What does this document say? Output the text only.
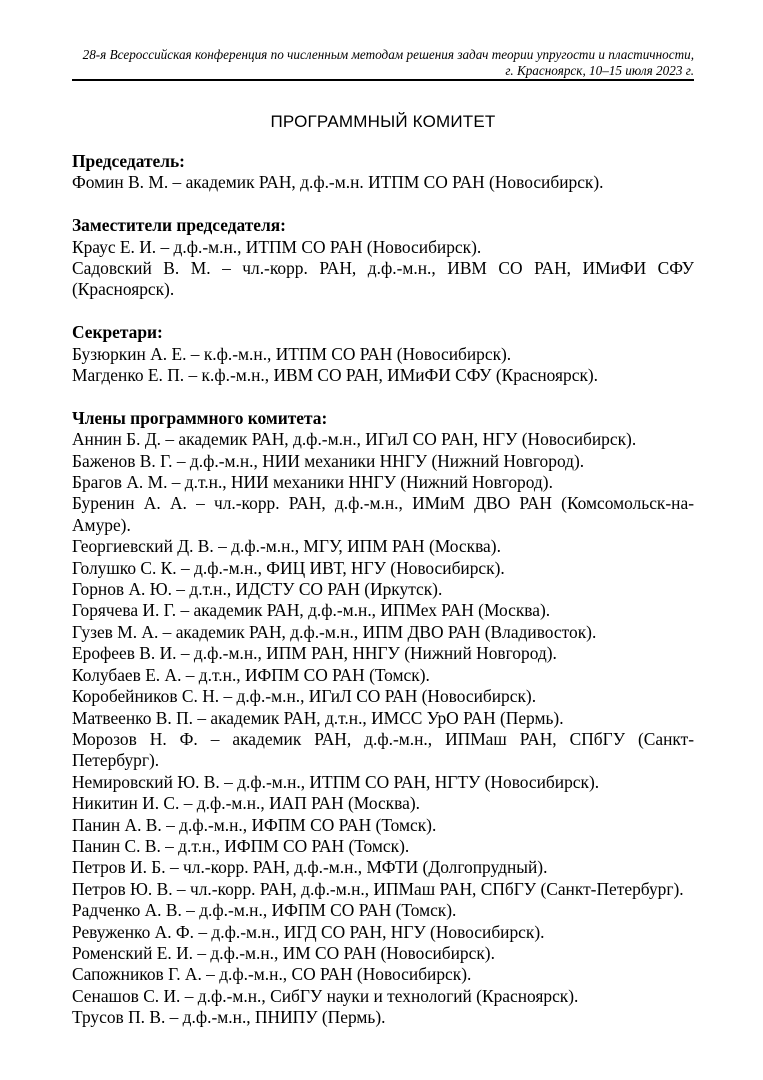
28-я Всероссийская конференция по численным методам решения задач теории упругости и пластичности,
г. Красноярск, 10–15 июля 2023 г.
ПРОГРАММНЫЙ КОМИТЕТ
Председатель:
Фомин В. М. – академик РАН, д.ф.-м.н. ИТПМ СО РАН (Новосибирск).
Заместители председателя:
Краус Е. И. – д.ф.-м.н., ИТПМ СО РАН (Новосибирск).
Садовский В. М. – чл.-корр. РАН, д.ф.-м.н., ИВМ СО РАН, ИМиФИ СФУ (Красноярск).
Секретари:
Бузюркин А. Е. – к.ф.-м.н., ИТПМ СО РАН (Новосибирск).
Магденко Е. П. – к.ф.-м.н., ИВМ СО РАН, ИМиФИ СФУ (Красноярск).
Члены программного комитета:
Аннин Б. Д. – академик РАН, д.ф.-м.н., ИГиЛ СО РАН, НГУ (Новосибирск).
Баженов В. Г. – д.ф.-м.н., НИИ механики ННГУ (Нижний Новгород).
Брагов А. М. – д.т.н., НИИ механики ННГУ (Нижний Новгород).
Буренин А. А. – чл.-корр. РАН, д.ф.-м.н., ИМиМ ДВО РАН (Комсомольск-на-Амуре).
Георгиевский Д. В. – д.ф.-м.н., МГУ, ИПМ РАН (Москва).
Голушко С. К. – д.ф.-м.н., ФИЦ ИВТ, НГУ (Новосибирск).
Горнов А. Ю. – д.т.н., ИДСТУ СО РАН (Иркутск).
Горячева И. Г. – академик РАН, д.ф.-м.н., ИПМех РАН (Москва).
Гузев М. А. – академик РАН, д.ф.-м.н., ИПМ ДВО РАН (Владивосток).
Ерофеев В. И. – д.ф.-м.н., ИПМ РАН, ННГУ (Нижний Новгород).
Колубаев Е. А. – д.т.н., ИФПМ СО РАН (Томск).
Коробейников С. Н. – д.ф.-м.н., ИГиЛ СО РАН (Новосибирск).
Матвеенко В. П. – академик РАН, д.т.н., ИМСС УрО РАН (Пермь).
Морозов Н. Ф. – академик РАН, д.ф.-м.н., ИПМаш РАН, СПбГУ (Санкт-Петербург).
Немировский Ю. В. – д.ф.-м.н., ИТПМ СО РАН, НГТУ (Новосибирск).
Никитин И. С. – д.ф.-м.н., ИАП РАН (Москва).
Панин А. В. – д.ф.-м.н., ИФПМ СО РАН (Томск).
Панин С. В. – д.т.н., ИФПМ СО РАН (Томск).
Петров И. Б. – чл.-корр. РАН, д.ф.-м.н., МФТИ (Долгопрудный).
Петров Ю. В. – чл.-корр. РАН, д.ф.-м.н., ИПМаш РАН, СПбГУ (Санкт-Петербург).
Радченко А. В. – д.ф.-м.н., ИФПМ СО РАН (Томск).
Ревуженко А. Ф. – д.ф.-м.н., ИГД СО РАН, НГУ (Новосибирск).
Роменский Е. И. – д.ф.-м.н., ИМ СО РАН (Новосибирск).
Сапожников Г. А. – д.ф.-м.н., СО РАН (Новосибирск).
Сенашов С. И. – д.ф.-м.н., СибГУ науки и технологий (Красноярск).
Трусов П. В. – д.ф.-м.н., ПНИПУ (Пермь).
